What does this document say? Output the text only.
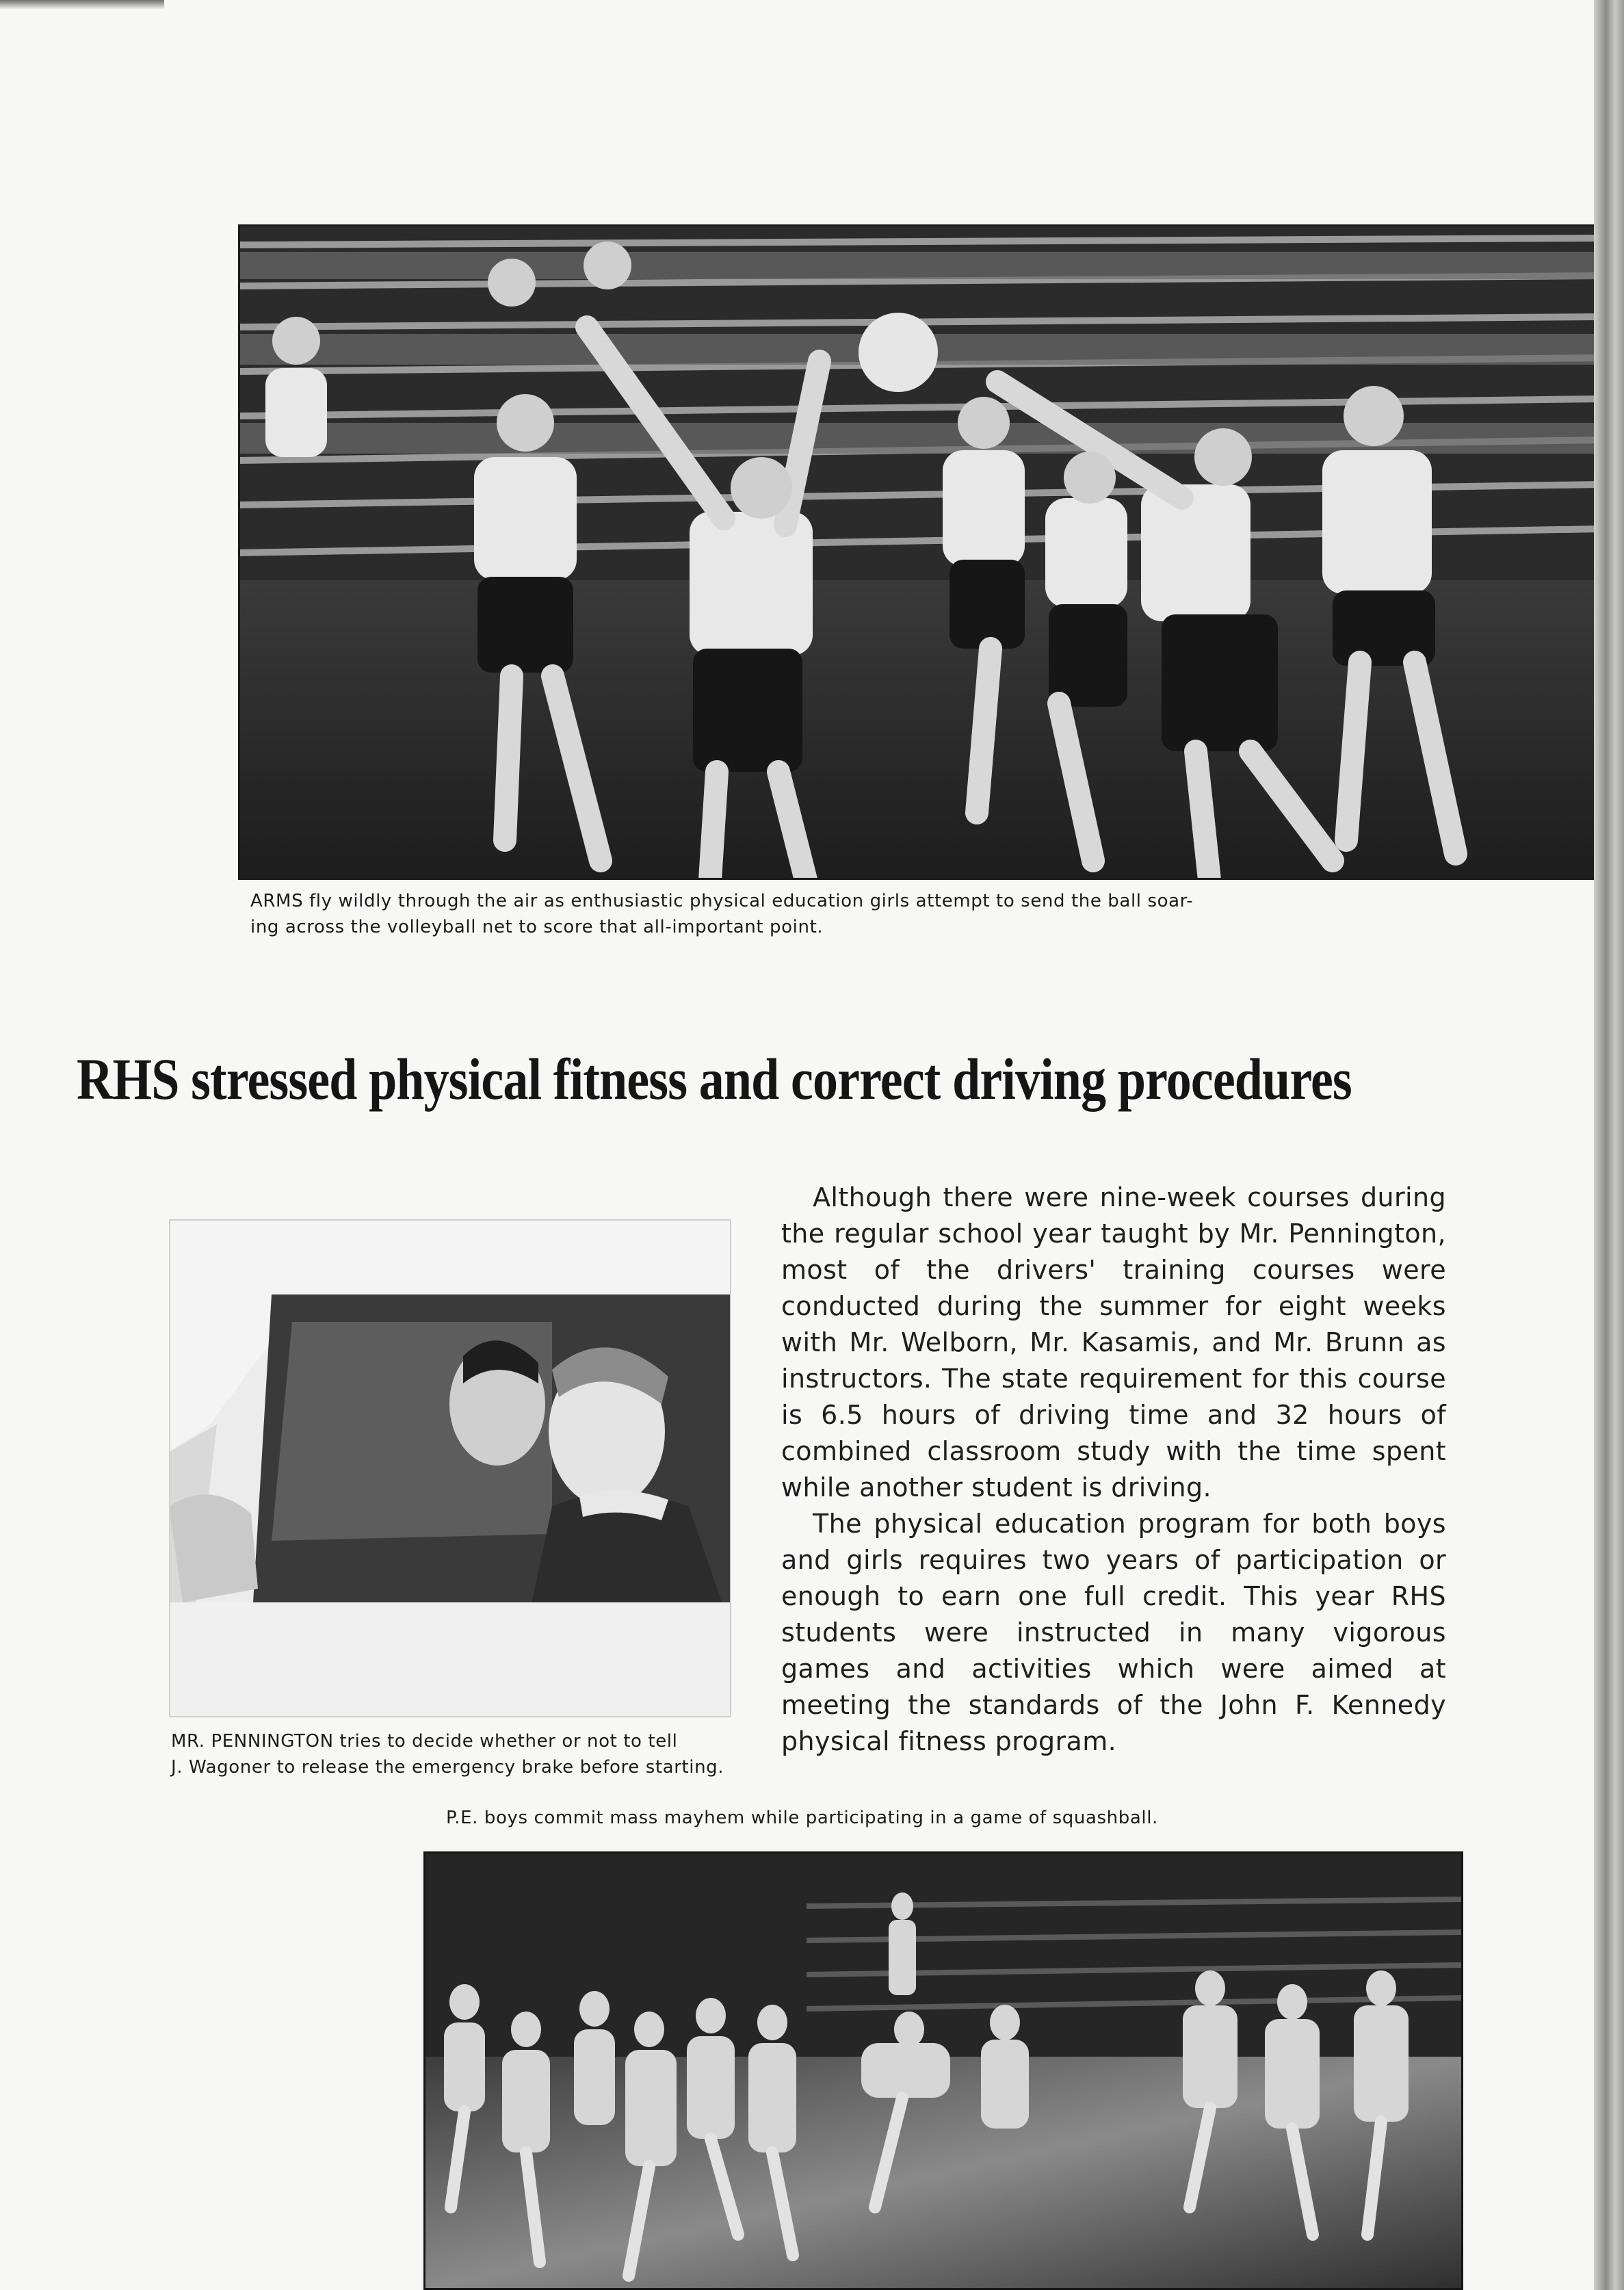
ARMS fly wildly through the air as enthusiastic physical education girls attempt to send the ball soar-
ing across the volleyball net to score that all-important point.
RHS stressed physical fitness and correct driving procedures
MR. PENNINGTON tries to decide whether or not to tell
J. Wagoner to release the emergency brake before starting.

Although there were nine-week courses during the regular school year taught by Mr. Pennington, most of the drivers' training courses were conducted during the summer for eight weeks with Mr. Welborn, Mr. Kasamis, and Mr. Brunn as instructors. The state requirement for this course is 6.5 hours of driving time and 32 hours of combined classroom study with the time spent while another student is driving.

The physical education program for both boys and girls requires two years of participation or enough to earn one full credit. This year RHS students were instructed in many vigorous games and activities which were aimed at meeting the standards of the John F. Kennedy physical fitness program.

P.E. boys commit mass mayhem while participating in a game of squashball.
